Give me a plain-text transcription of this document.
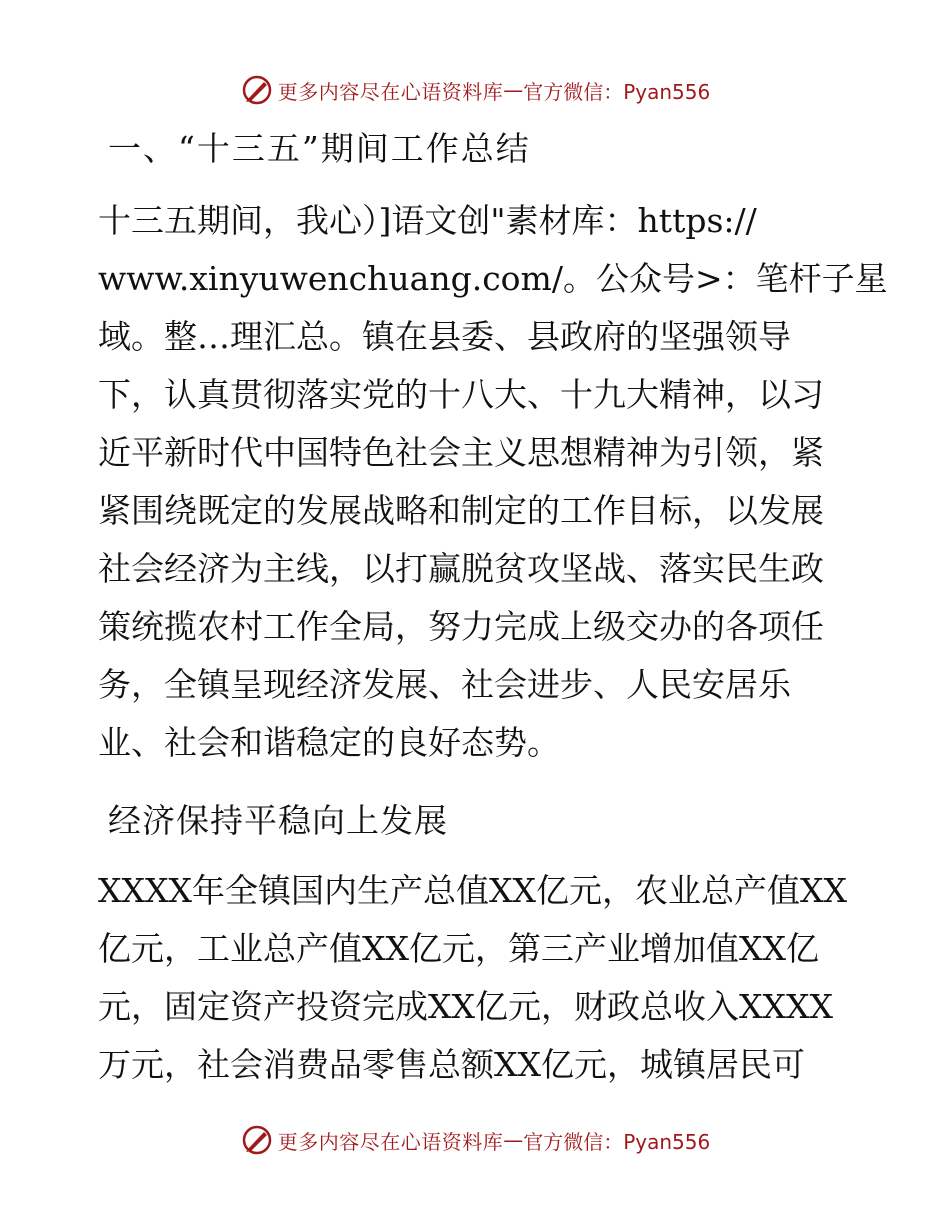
更多内容尽在心语资料库 — 官方微信：Pyan556
一、“十三五”期间工作总结
十三五期间，我心）]语文创"素材库：https://
www.xinyuwenchuang.com/。公众号>：笔杆子星
域。整…理汇总。镇在县委、县政府的坚强领导
下，认真贯彻落实党的十八大、十九大精神，以习
近平新时代中国特色社会主义思想精神为引领，紧
紧围绕既定的发展战略和制定的工作目标，以发展
社会经济为主线，以打赢脱贫攻坚战、落实民生政
策统揽农村工作全局，努力完成上级交办的各项任
务，全镇呈现经济发展、社会进步、人民安居乐
业、社会和谐稳定的良好态势。
经济保持平稳向上发展
XXXX年全镇国内生产总值XX亿元，农业总产值XX
亿元，工业总产值XX亿元，第三产业增加值XX亿
元，固定资产投资完成XX亿元，财政总收入XXXX
万元，社会消费品零售总额XX亿元，城镇居民可
更多内容尽在心语资料库 — 官方微信：Pyan556
